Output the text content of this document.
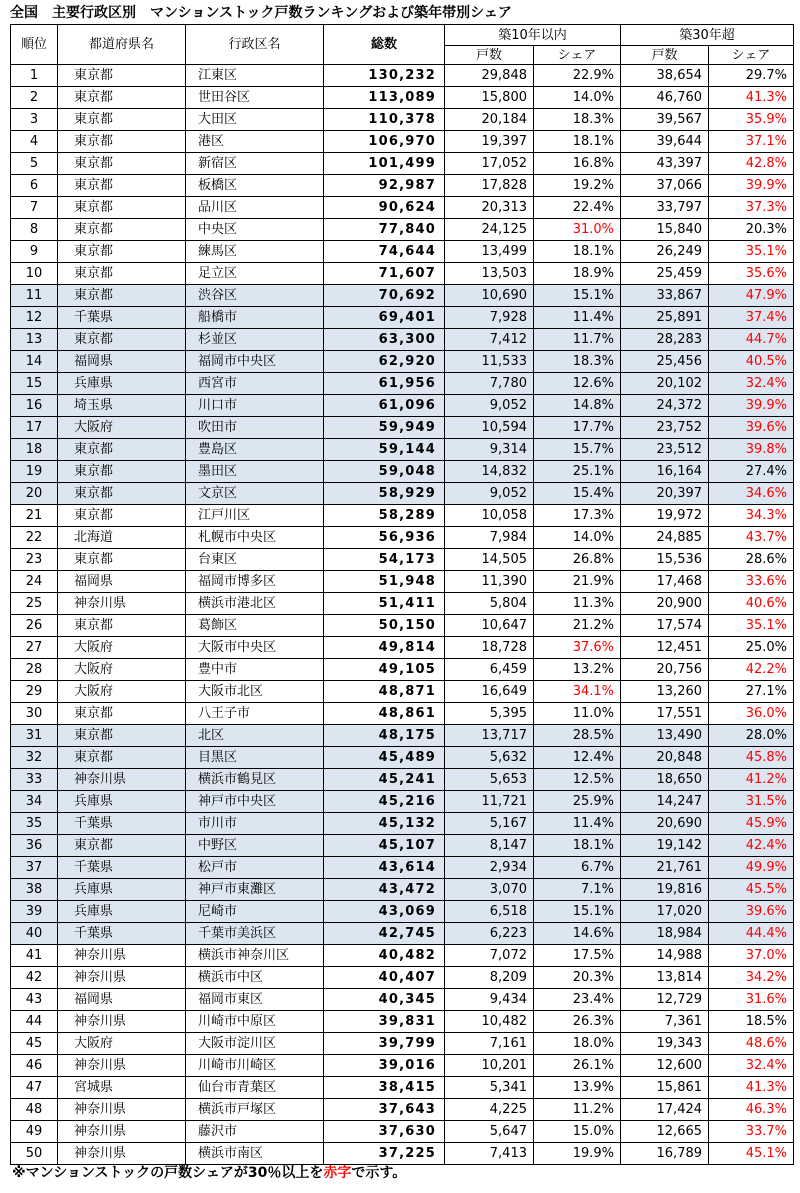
全国　主要行政区別　マンションストック戸数ランキングおよび築年帯別シェア
順位	都道府県名	行政区名	総数	築10年以内		築30年超	
				戸数	シェア	戸数	シェア
1	東京都	江東区	130,232	29,848	22.9%	38,654	29.7%
2	東京都	世田谷区	113,089	15,800	14.0%	46,760	41.3%
3	東京都	大田区	110,378	20,184	18.3%	39,567	35.9%
4	東京都	港区	106,970	19,397	18.1%	39,644	37.1%
5	東京都	新宿区	101,499	17,052	16.8%	43,397	42.8%
6	東京都	板橋区	92,987	17,828	19.2%	37,066	39.9%
7	東京都	品川区	90,624	20,313	22.4%	33,797	37.3%
8	東京都	中央区	77,840	24,125	31.0%	15,840	20.3%
9	東京都	練馬区	74,644	13,499	18.1%	26,249	35.1%
10	東京都	足立区	71,607	13,503	18.9%	25,459	35.6%
11	東京都	渋谷区	70,692	10,690	15.1%	33,867	47.9%
12	千葉県	船橋市	69,401	7,928	11.4%	25,891	37.4%
13	東京都	杉並区	63,300	7,412	11.7%	28,283	44.7%
14	福岡県	福岡市中央区	62,920	11,533	18.3%	25,456	40.5%
15	兵庫県	西宮市	61,956	7,780	12.6%	20,102	32.4%
16	埼玉県	川口市	61,096	9,052	14.8%	24,372	39.9%
17	大阪府	吹田市	59,949	10,594	17.7%	23,752	39.6%
18	東京都	豊島区	59,144	9,314	15.7%	23,512	39.8%
19	東京都	墨田区	59,048	14,832	25.1%	16,164	27.4%
20	東京都	文京区	58,929	9,052	15.4%	20,397	34.6%
21	東京都	江戸川区	58,289	10,058	17.3%	19,972	34.3%
22	北海道	札幌市中央区	56,936	7,984	14.0%	24,885	43.7%
23	東京都	台東区	54,173	14,505	26.8%	15,536	28.6%
24	福岡県	福岡市博多区	51,948	11,390	21.9%	17,468	33.6%
25	神奈川県	横浜市港北区	51,411	5,804	11.3%	20,900	40.6%
26	東京都	葛飾区	50,150	10,647	21.2%	17,574	35.1%
27	大阪府	大阪市中央区	49,814	18,728	37.6%	12,451	25.0%
28	大阪府	豊中市	49,105	6,459	13.2%	20,756	42.2%
29	大阪府	大阪市北区	48,871	16,649	34.1%	13,260	27.1%
30	東京都	八王子市	48,861	5,395	11.0%	17,551	36.0%
31	東京都	北区	48,175	13,717	28.5%	13,490	28.0%
32	東京都	目黒区	45,489	5,632	12.4%	20,848	45.8%
33	神奈川県	横浜市鶴見区	45,241	5,653	12.5%	18,650	41.2%
34	兵庫県	神戸市中央区	45,216	11,721	25.9%	14,247	31.5%
35	千葉県	市川市	45,132	5,167	11.4%	20,690	45.9%
36	東京都	中野区	45,107	8,147	18.1%	19,142	42.4%
37	千葉県	松戸市	43,614	2,934	6.7%	21,761	49.9%
38	兵庫県	神戸市東灘区	43,472	3,070	7.1%	19,816	45.5%
39	兵庫県	尼崎市	43,069	6,518	15.1%	17,020	39.6%
40	千葉県	千葉市美浜区	42,745	6,223	14.6%	18,984	44.4%
41	神奈川県	横浜市神奈川区	40,482	7,072	17.5%	14,988	37.0%
42	神奈川県	横浜市中区	40,407	8,209	20.3%	13,814	34.2%
43	福岡県	福岡市東区	40,345	9,434	23.4%	12,729	31.6%
44	神奈川県	川崎市中原区	39,831	10,482	26.3%	7,361	18.5%
45	大阪府	大阪市淀川区	39,799	7,161	18.0%	19,343	48.6%
46	神奈川県	川崎市川崎区	39,016	10,201	26.1%	12,600	32.4%
47	宮城県	仙台市青葉区	38,415	5,341	13.9%	15,861	41.3%
48	神奈川県	横浜市戸塚区	37,643	4,225	11.2%	17,424	46.3%
49	神奈川県	藤沢市	37,630	5,647	15.0%	12,665	33.7%
50	神奈川県	横浜市南区	37,225	7,413	19.9%	16,789	45.1%
※マンションストックの戸数シェアが30％以上を赤字で示す。
